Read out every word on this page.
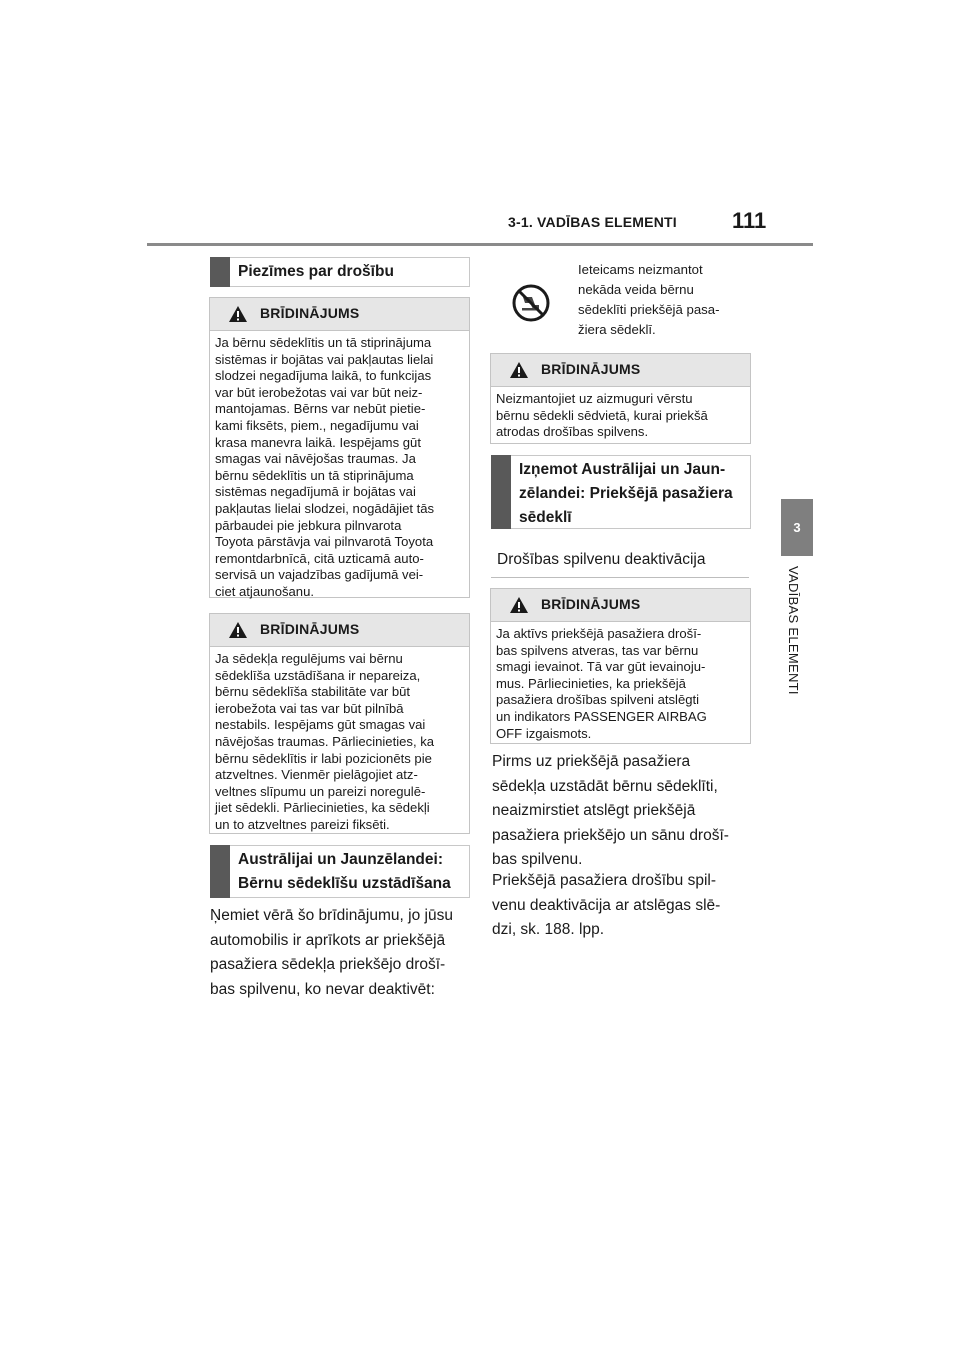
3-1. VADĪBAS ELEMENTI	111
3
VADĪBAS ELEMENTI
Piezīmes par drošību
BRĪDINĀJUMS
Ja bērnu sēdeklītis un tā stiprinājuma
sistēmas ir bojātas vai pakļautas lielai
slodzei negadījuma laikā, to funkcijas
var būt ierobežotas vai var būt neiz-
mantojamas. Bērns var nebūt pietie-
kami fiksēts, piem., negadījumu vai
krasa manevra laikā. Iespējams gūt
smagas vai nāvējošas traumas. Ja
bērnu sēdeklītis un tā stiprinājuma
sistēmas negadījumā ir bojātas vai
pakļautas lielai slodzei, nogādājiet tās
pārbaudei pie jebkura pilnvarota
Toyota pārstāvja vai pilnvarotā Toyota
remontdarbnīcā, citā uzticamā auto-
servisā un vajadzības gadījumā vei-
ciet atjaunošanu.
BRĪDINĀJUMS
Ja sēdekļa regulējums vai bērnu
sēdeklīša uzstādīšana ir nepareiza,
bērnu sēdeklīša stabilitāte var būt
ierobežota vai tas var būt pilnībā
nestabils. Iespējams gūt smagas vai
nāvējošas traumas. Pārliecinieties, ka
bērnu sēdeklītis ir labi pozicionēts pie
atzveltnes. Vienmēr pielāgojiet atz-
veltnes slīpumu un pareizi noregulē-
jiet sēdekli. Pārliecinieties, ka sēdekļi
un to atzveltnes pareizi fiksēti.
Austrālijai un Jaunzēlandei:
Bērnu sēdeklīšu uzstādīšana
Ņemiet vērā šo brīdinājumu, jo jūsu
automobilis ir aprīkots ar priekšējā
pasažiera sēdekļa priekšējo drošī-
bas spilvenu, ko nevar deaktivēt:
Ieteicams neizmantot
nekāda veida bērnu
sēdeklīti priekšējā pasa-
žiera sēdeklī.
BRĪDINĀJUMS
Neizmantojiet uz aizmuguri vērstu
bērnu sēdekli sēdvietā, kurai priekšā
atrodas drošības spilvens.
Izņemot Austrālijai un Jaun-
zēlandei: Priekšējā pasažiera
sēdeklī
Drošības spilvenu deaktivācija
BRĪDINĀJUMS
Ja aktīvs priekšējā pasažiera drošī-
bas spilvens atveras, tas var bērnu
smagi ievainot. Tā var gūt ievainoju-
mus. Pārliecinieties, ka priekšējā
pasažiera drošības spilveni atslēgti
un indikators PASSENGER AIRBAG
OFF izgaismots.
Pirms uz priekšējā pasažiera
sēdekļa uzstādāt bērnu sēdeklīti,
neaizmirstiet atslēgt priekšējā
pasažiera priekšējo un sānu drošī-
bas spilvenu.
Priekšējā pasažiera drošību spil-
venu deaktivācija ar atslēgas slē-
dzi, sk. 188. lpp.
